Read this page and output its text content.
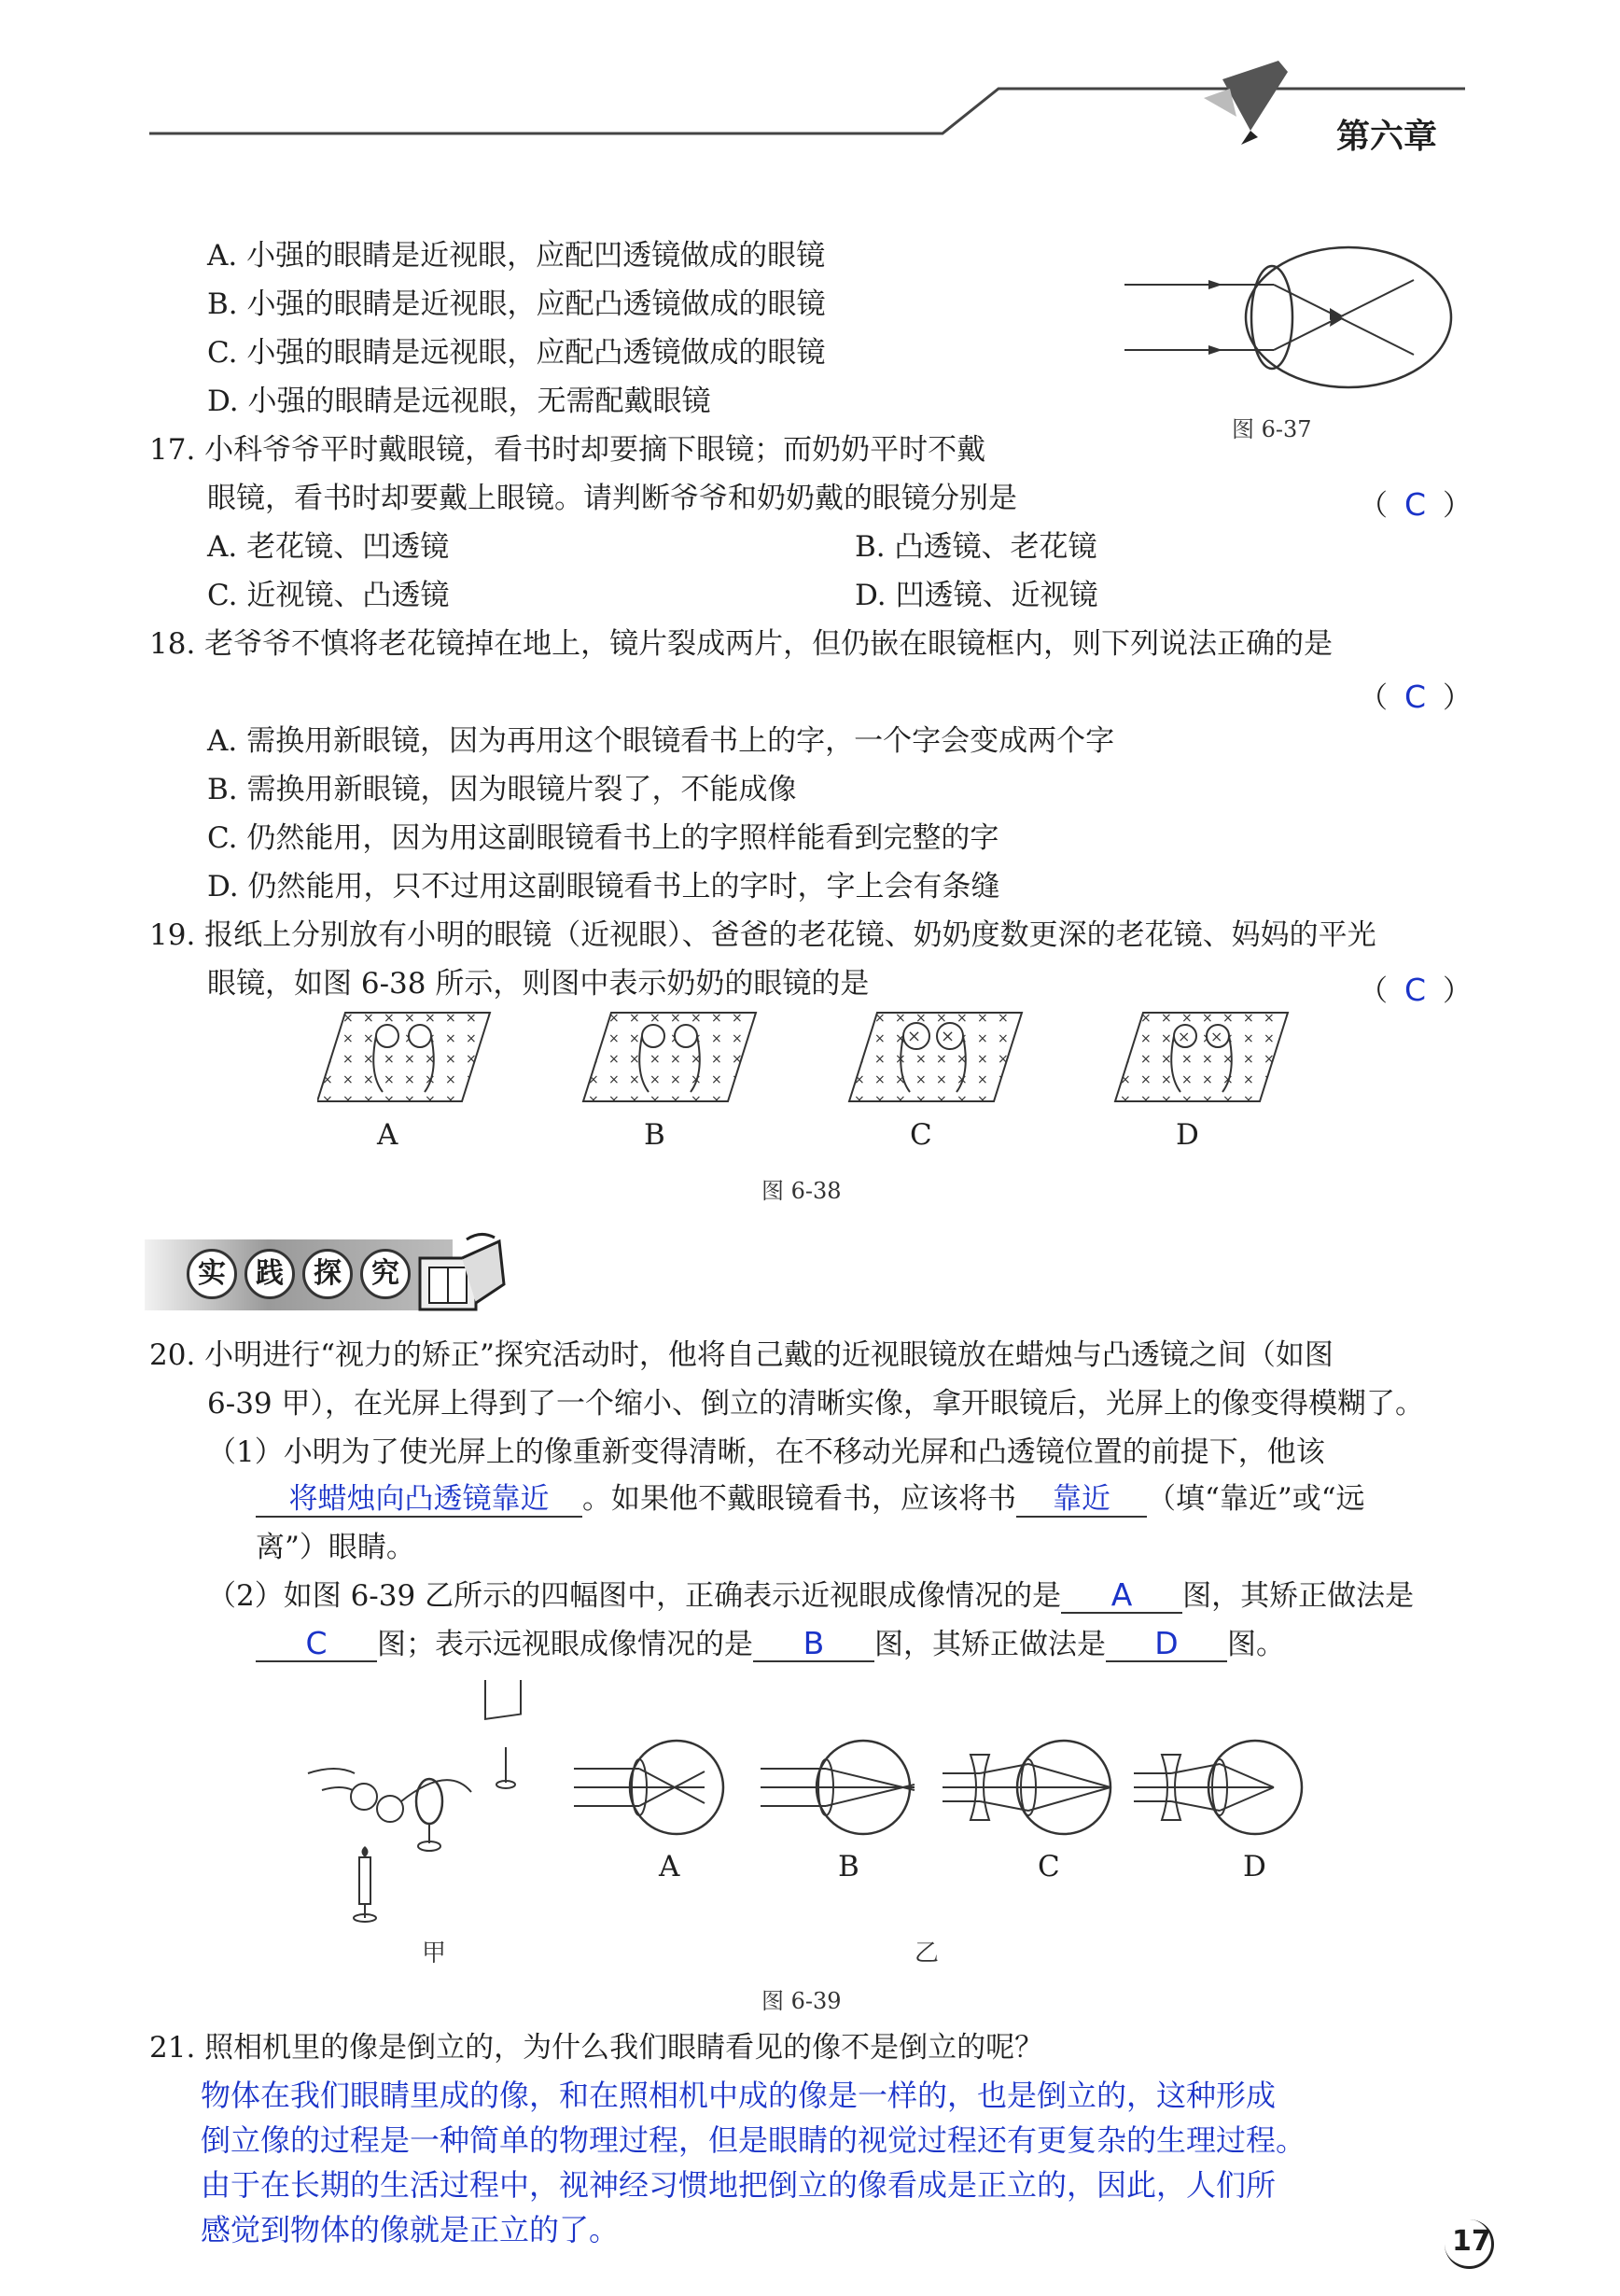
第六章
A. 小强的眼睛是近视眼，应配凹透镜做成的眼镜
B. 小强的眼睛是近视眼，应配凸透镜做成的眼镜
C. 小强的眼睛是远视眼，应配凸透镜做成的眼镜
D. 小强的眼睛是远视眼，无需配戴眼镜
图 6-37
17. 小科爷爷平时戴眼镜，看书时却要摘下眼镜；而奶奶平时不戴
眼镜，看书时却要戴上眼镜。请判断爷爷和奶奶戴的眼镜分别是	（ C ）
A. 老花镜、凹透镜	B. 凸透镜、老花镜
C. 近视镜、凸透镜	D. 凹透镜、近视镜
18. 老爷爷不慎将老花镜掉在地上，镜片裂成两片，但仍嵌在眼镜框内，则下列说法正确的是
（ C ）
A. 需换用新眼镜，因为再用这个眼镜看书上的字，一个字会变成两个字
B. 需换用新眼镜，因为眼镜片裂了，不能成像
C. 仍然能用，因为用这副眼镜看书上的字照样能看到完整的字
D. 仍然能用，只不过用这副眼镜看书上的字时，字上会有条缝
19. 报纸上分别放有小明的眼镜（近视眼）、爸爸的老花镜、奶奶度数更深的老花镜、妈妈的平光
眼镜，如图 6-38 所示，则图中表示奶奶的眼镜的是	（ C ）
× ×	× ×
A	B	C	D
图 6-38
实	践	探	究
20. 小明进行“视力的矫正”探究活动时，他将自己戴的近视眼镜放在蜡烛与凸透镜之间（如图
6-39 甲），在光屏上得到了一个缩小、倒立的清晰实像，拿开眼镜后，光屏上的像变得模糊了。
（1）小明为了使光屏上的像重新变得清晰，在不移动光屏和凸透镜位置的前提下，他该
将蜡烛向凸透镜靠近 。如果他不戴眼镜看书，应该将书 靠近 （填“靠近”或“远
离”）眼睛。
（2）如图 6-39 乙所示的四幅图中，正确表示近视眼成像情况的是 A 图，其矫正做法是
C 图；表示远视眼成像情况的是 B 图，其矫正做法是 D 图。
A	B	C	D
甲	乙
图 6-39
21. 照相机里的像是倒立的，为什么我们眼睛看见的像不是倒立的呢？
物体在我们眼睛里成的像，和在照相机中成的像是一样的，也是倒立的，这种形成
倒立像的过程是一种简单的物理过程，但是眼睛的视觉过程还有更复杂的生理过程。
由于在长期的生活过程中，视神经习惯地把倒立的像看成是正立的，因此，人们所
感觉到物体的像就是正立的了。	17
